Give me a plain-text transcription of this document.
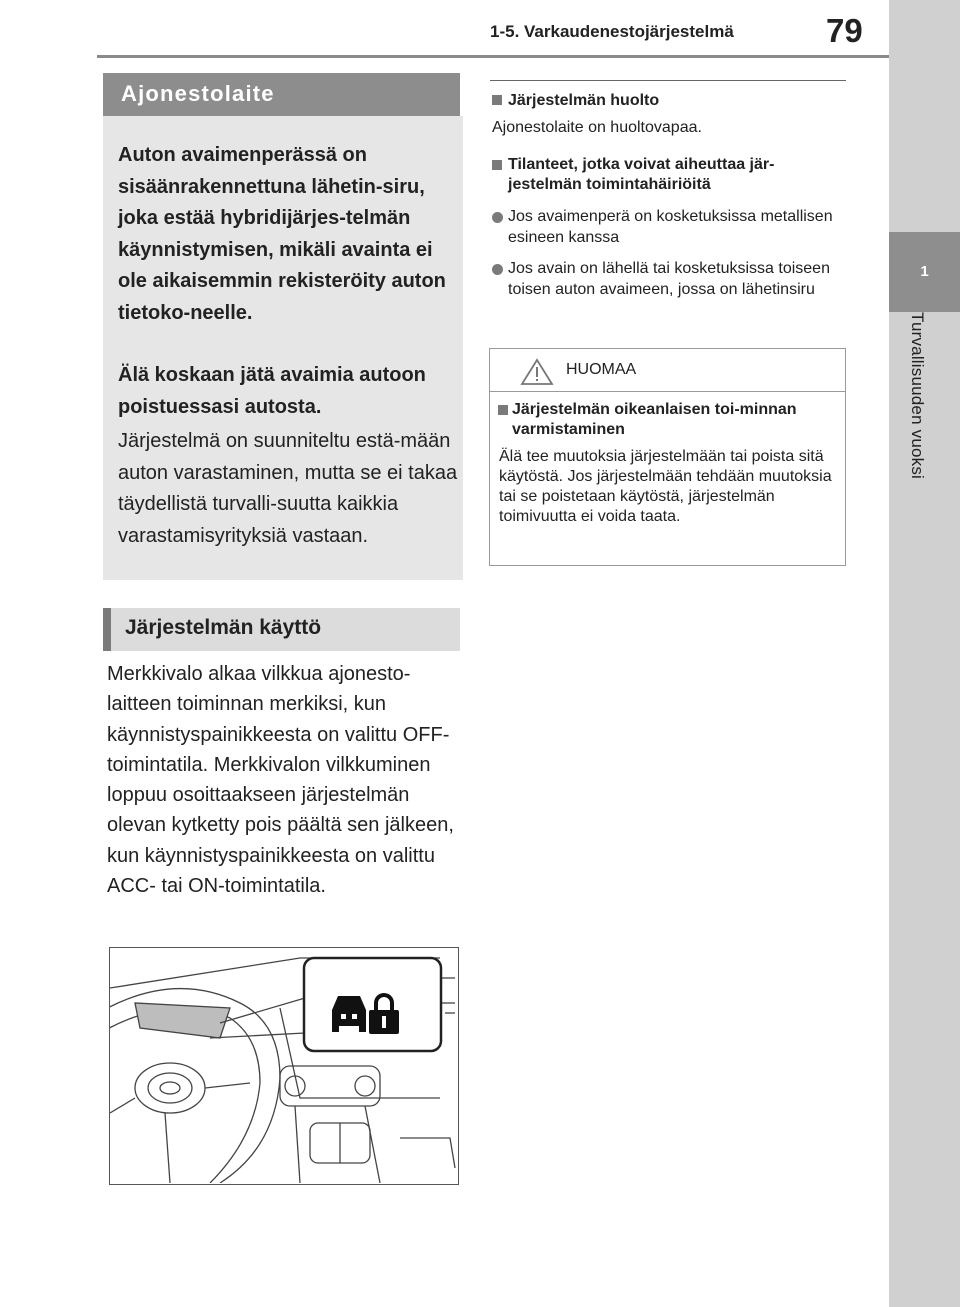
1-5. Varkaudenestojärjestelmä	79
1
Turvallisuuden vuoksi
Ajonestolaite

Auton avaimenperässä on sisäänrakennettuna lähetin-siru, joka estää hybridijärjes-telmän käynnistymisen, mikäli avainta ei ole aikaisemmin rekisteröity auton tietoko-neelle.

Älä koskaan jätä avaimia autoon poistuessasi autosta.

Järjestelmä on suunniteltu estä-mään auton varastaminen, mutta se ei takaa täydellistä turvalli-suutta kaikkia varastamisyrityksiä vastaan.

Järjestelmän käyttö

Merkkivalo alkaa vilkkua ajonesto-laitteen toiminnan merkiksi, kun käynnistyspainikkeesta on valittu OFF-toimintatila. Merkkivalon vilkkuminen loppuu osoittaakseen järjestelmän olevan kytketty pois päältä sen jälkeen, kun käynnistyspainikkeesta on valittu ACC- tai ON-toimintatila.

Järjestelmän huolto
Ajonestolaite on huoltovapaa.
Tilanteet, jotka voivat aiheuttaa jär-jestelmän toimintahäiriöitä
Jos avaimenperä on kosketuksissa metallisen esineen kanssa
Jos avain on lähellä tai kosketuksissa toiseen toisen auton avaimeen, jossa on lähetinsiru
HUOMAA
Järjestelmän oikeanlaisen toi-minnan varmistaminen
Älä tee muutoksia järjestelmään tai poista sitä käytöstä. Jos järjestelmään tehdään muutoksia tai se poistetaan käytöstä, järjestelmän toimivuutta ei voida taata.
